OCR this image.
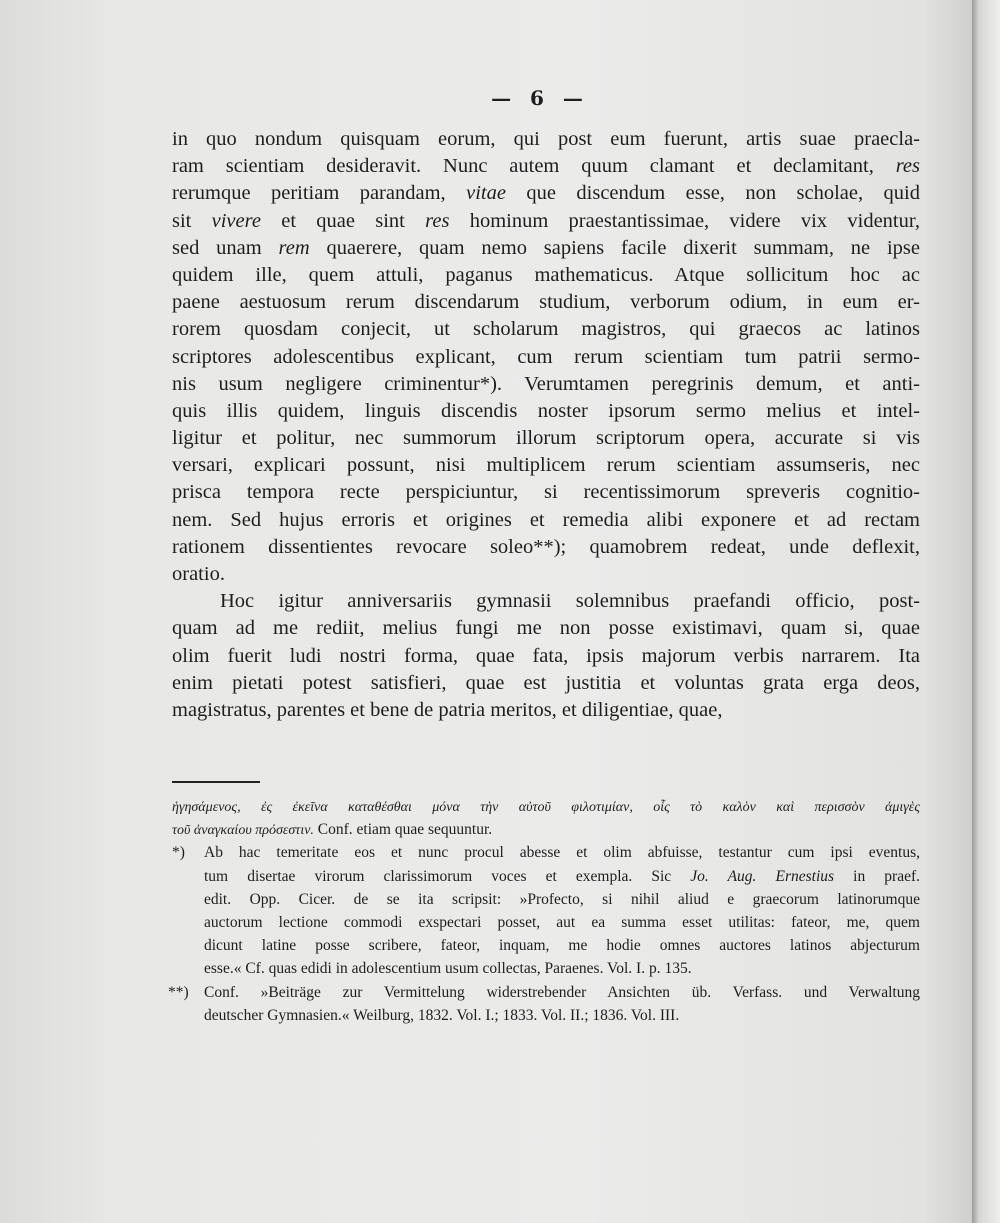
— 6 —
in quo nondum quisquam eorum, qui post eum fuerunt, artis suae praecla-
ram scientiam desideravit. Nunc autem quum clamant et declamitant, res
rerumque peritiam parandam, vitae que discendum esse, non scholae, quid
sit vivere et quae sint res hominum praestantissimae, videre vix videntur,
sed unam rem quaerere, quam nemo sapiens facile dixerit summam, ne ipse
quidem ille, quem attuli, paganus mathematicus. Atque sollicitum hoc ac
paene aestuosum rerum discendarum studium, verborum odium, in eum er-
rorem quosdam conjecit, ut scholarum magistros, qui graecos ac latinos
scriptores adolescentibus explicant, cum rerum scientiam tum patrii sermo-
nis usum negligere criminentur*). Verumtamen peregrinis demum, et anti-
quis illis quidem, linguis discendis noster ipsorum sermo melius et intel-
ligitur et politur, nec summorum illorum scriptorum opera, accurate si vis
versari, explicari possunt, nisi multiplicem rerum scientiam assumseris, nec
prisca tempora recte perspiciuntur, si recentissimorum spreveris cognitio-
nem. Sed hujus erroris et origines et remedia alibi exponere et ad rectam
rationem dissentientes revocare soleo**); quamobrem redeat, unde deflexit,
oratio.
Hoc igitur anniversariis gymnasii solemnibus praefandi officio, post-
quam ad me rediit, melius fungi me non posse existimavi, quam si, quae
olim fuerit ludi nostri forma, quae fata, ipsis majorum verbis narrarem. Ita
enim pietati potest satisfieri, quae est justitia et voluntas grata erga deos,
magistratus, parentes et bene de patria meritos, et diligentiae, quae,
ἡγησάμενος, ἐς ἐκεῖνα καταθέσθαι μόνα τὴν αὐτοῦ φιλοτιμίαν, οἷς τὸ καλὸν καὶ περισσὸν ἀμιγὲς
τοῦ ἀναγκαίου πρόσεστιν. Conf. etiam quae sequuntur.
*) Ab hac temeritate eos et nunc procul abesse et olim abfuisse, testantur cum ipsi eventus,
tum disertae virorum clarissimorum voces et exempla. Sic Jo. Aug. Ernestius in praef.
edit. Opp. Cicer. de se ita scripsit: »Profecto, si nihil aliud e graecorum latinorumque
auctorum lectione commodi exspectari posset, aut ea summa esset utilitas: fateor, me, quem
dicunt latine posse scribere, fateor, inquam, me hodie omnes auctores latinos abjecturum
esse.« Cf. quas edidi in adolescentium usum collectas, Paraenes. Vol. I. p. 135.
**) Conf. »Beiträge zur Vermittelung widerstrebender Ansichten üb. Verfass. und Verwaltung
deutscher Gymnasien.« Weilburg, 1832. Vol. I.; 1833. Vol. II.; 1836. Vol. III.
